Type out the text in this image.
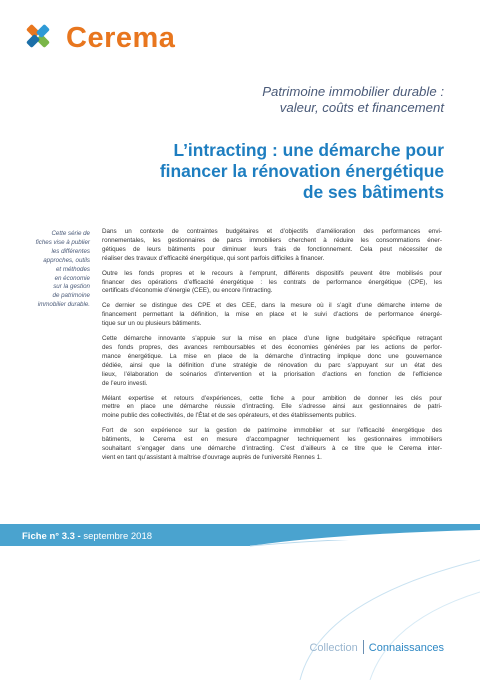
Cerema
Patrimoine immobilier durable :
valeur, coûts et financement
L’intracting : une démarche pour
financer la rénovation énergétique
de ses bâtiments
Cette série de
fiches vise à publier
les différentes
approches, outils
et méthodes
en économie
sur la gestion
de patrimoine
immobilier durable.
Dans un contexte de contraintes budgétaires et d’objectifs d’amélioration des performances envi-
ronnementales, les gestionnaires de parcs immobiliers cherchent à réduire les consommations éner-
gétiques de leurs bâtiments pour diminuer leurs frais de fonctionnement. Cela peut nécessiter de
réaliser des travaux d’efficacité énergétique, qui sont parfois difficiles à financer.
Outre les fonds propres et le recours à l’emprunt, différents dispositifs peuvent être mobilisés pour
financer des opérations d’efficacité énergétique : les contrats de performance énergétique (CPE), les
certificats d’économie d’énergie (CEE), ou encore l’intracting.
Ce dernier se distingue des CPE et des CEE, dans la mesure où il s’agit d’une démarche interne de
financement permettant la définition, la mise en place et le suivi d’actions de performance énergé-
tique sur un ou plusieurs bâtiments.
Cette démarche innovante s’appuie sur la mise en place d’une ligne budgétaire spécifique retraçant
des fonds propres, des avances remboursables et des économies générées par les actions de perfor-
mance énergétique. La mise en place de la démarche d’intracting implique donc une gouvernance
dédiée, ainsi que la définition d’une stratégie de rénovation du parc s’appuyant sur un état des
lieux, l’élaboration de scénarios d’intervention et la priorisation d’actions en fonction de l’efficience
de l’euro investi.
Mélant expertise et retours d’expériences, cette fiche a pour ambition de donner les clés pour
mettre en place une démarche réussie d’intracting. Elle s’adresse ainsi aux gestionnaires de patri-
moine public des collectivités, de l’État et de ses opérateurs, et des établissements publics.
Fort de son expérience sur la gestion de patrimoine immobilier et sur l’efficacité énergétique des
bâtiments, le Cerema est en mesure d’accompagner techniquement les gestionnaires immobiliers
souhaitant s’engager dans une démarche d’intracting. C’est d’ailleurs à ce titre que le Cerema inter-
vient en tant qu’assistant à maîtrise d’ouvrage auprès de l’université Rennes 1.
Fiche n° 3.3 - septembre 2018
Collection Connaissances
